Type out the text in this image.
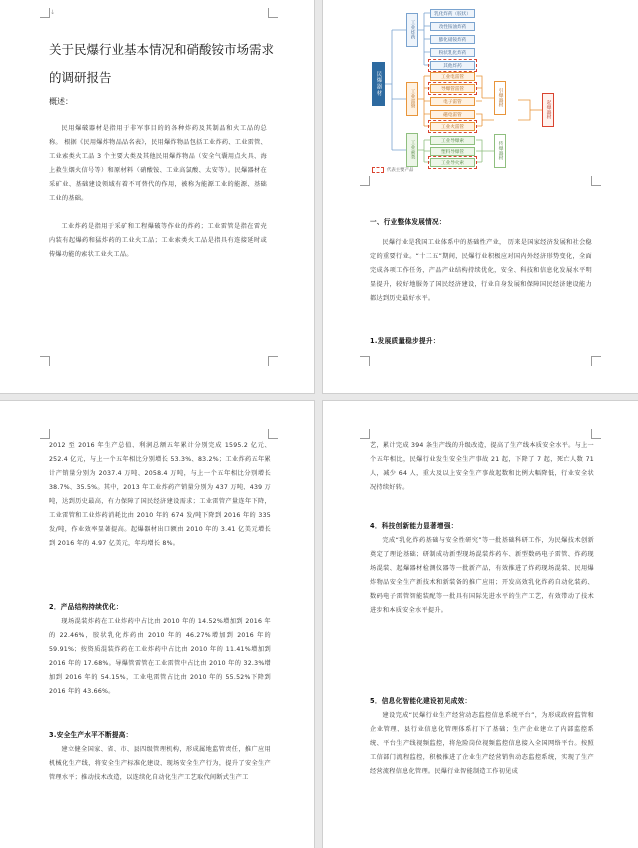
↓
关于民爆行业基本情况和硝酸铵市场需求的调研报告
概述：

民用爆破器材是指用于非军事目的的各种炸药及其制品和火工品的总称。 根据《民用爆炸物品品名表》，民用爆炸物品包括工业炸药、工业雷管、工业索类火工品 3 个主要大类及其他民用爆炸物品（安全气囊用点火具、海上救生烟火信号等）和原材料（硝酸铵、工业高氯酸、太安等）。民爆器材在采矿业、基础建设领域有着不可替代的作用，被称为能源工业的能源、基础工业的基础。

工业炸药是指用于采矿和工程爆破等作业的炸药；工业雷管是指在雷壳内装有起爆药和猛炸药的工业火工品；工业索类火工品是指具有连接延时或传爆功能的索状工业火工品。

民爆器材
工业炸药
工业雷管
工业索类
乳化炸药（胶状）
改性铵油炸药
膨化硝铵炸药
粉状乳化炸药
其他炸药
工业电雷管
导爆管雷管
电子雷管
磁电雷管
工业火雷管
工业导爆索
塑料导爆管
工业导火索
引爆器材
传爆器材
起爆器材
代表主要产品
一、行业整体发展情况：

民爆行业是我国工业体系中的基础性产业， 历来是国家经济发展和社会稳定的重要行业。“十二五”期间，民爆行业积极应对国内外经济形势变化，全面完成各项工作任务，产品产业结构持续优化，安全、科技和信息化发展水平明显提升，较好地服务了国民经济建设，行业自身发展和保障国民经济建设能力都达到历史最好水平。

1.发展质量稳步提升：

2012 至 2016 年生产总值、利润总额五年累计分别完成 1595.2 亿元、252.4 亿元，与上一个五年相比分别增长 53.3%、83.2%；工业炸药五年累计产销量分别为 2037.4 万吨、2058.4 万吨，与上一个五年相比分别增长 38.7%、35.5%。其中，2013 年工业炸药产销量分别为 437 万吨、439 万吨，达到历史最高，有力保障了国民经济建设需求；工业雷管产量连年下降，工业雷管和工业炸药消耗比由 2010 年的 674 发/吨下降到 2016 年的 335 发/吨，作业效率显著提高。起爆器材出口额由 2010 年的 3.41 亿美元增长到 2016 年的 4.97 亿美元，年均增长 8%。

2．产品结构持续优化：

现场混装炸药在工业炸药中占比由 2010 年的 14.52%增加到 2016 年的 22.46%，胶状乳化炸药由 2010 年的 46.27%增加到 2016 年的 59.91%；按资质混装炸药在工业炸药中占比由 2010 年的 11.41%增加到 2016 年的 17.68%。导爆管雷管在工业雷管中占比由 2010 年的 32.3%增加到 2016 年的 54.15%，工业电雷管占比由 2010 年的 55.52%下降到 2016 年的 43.66%。

3.安全生产水平不断提高：

建立健全国家、省、市、县四级管理机构，形成属地监管责任，推广应用机械化生产线，将安全生产标准化建设、现场安全生产行为，提升了安全生产管理水平；推动技术改造，以连续化自动化生产工艺取代间断式生产工

艺，累计完成 394 条生产线的升级改造，提高了生产线本质安全水平。与上一个五年相比，民爆行业发生安全生产事故 21 起，下降了 7 起，死亡人数 71 人，减少 64 人，重大及以上安全生产事故起数和比例大幅降低，行业安全状况持续好转。

4．科技创新能力显著增强：

完成“乳化炸药基础与安全性研究”等一批基础科研工作，为民爆技术创新奠定了理论基础；研制成功新型现场混装炸药车、新型数码电子雷管、炸药现场混装、起爆器材检测仪器等一批新产品，有效推进了炸药现场混装、民用爆炸物品安全生产新技术和新装备的推广应用；开发高效乳化炸药自动化装药、数码电子雷管智能装配等一批具有国际先进水平的生产工艺，有效带动了技术进步和本质安全水平提升。

5．信息化智能化建设初见成效：

建设完成“民爆行业生产经营动态监控信息系统平台”，为形成政府监管和企业管理、县行业信息化管理体系打下了基础；生产企业建立了内部监控系统、平台生产线视频监控，将危险岗位视频监控信息接入全国网络平台。按照工信部门流程监控，积极推进了企业生产经营销售动态监控系统，实现了生产经营流程信息化管理。民爆行业智能制造工作初见成
